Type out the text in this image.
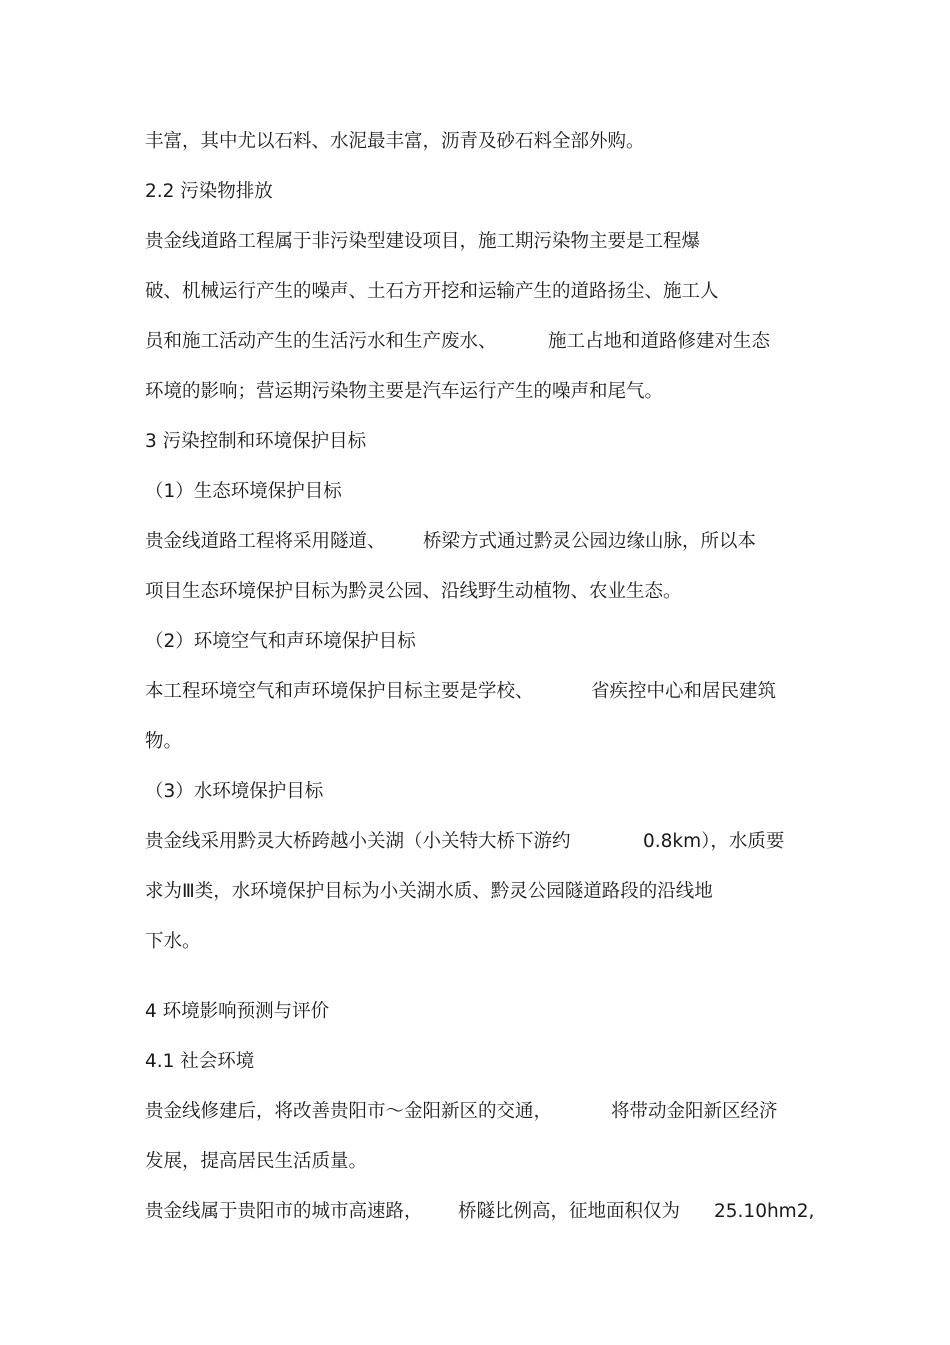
丰富，其中尤以石料、水泥最丰富，沥青及砂石料全部外购。
2.2 污染物排放
贵金线道路工程属于非污染型建设项目，施工期污染物主要是工程爆
破、机械运行产生的噪声、土石方开挖和运输产生的道路扬尘、施工人
员和施工活动产生的生活污水和生产废水、	施工占地和道路修建对生态
环境的影响；营运期污染物主要是汽车运行产生的噪声和尾气。
3 污染控制和环境保护目标
（1）生态环境保护目标
贵金线道路工程将采用隧道、 桥梁方式通过黔灵公园边缘山脉，所以本
项目生态环境保护目标为黔灵公园、沿线野生动植物、农业生态。
（2）环境空气和声环境保护目标
本工程环境空气和声环境保护目标主要是学校、	省疾控中心和居民建筑
物。
（3）水环境保护目标
贵金线采用黔灵大桥跨越小关湖（小关特大桥下游约	0.8km），水质要
求为Ⅲ类，水环境保护目标为小关湖水质、黔灵公园隧道路段的沿线地
下水。
4 环境影响预测与评价
4.1 社会环境
贵金线修建后，将改善贵阳市～金阳新区的交通，	将带动金阳新区经济
发展，提高居民生活质量。
贵金线属于贵阳市的城市高速路， 桥隧比例高，征地面积仅为 25.10hm2,
